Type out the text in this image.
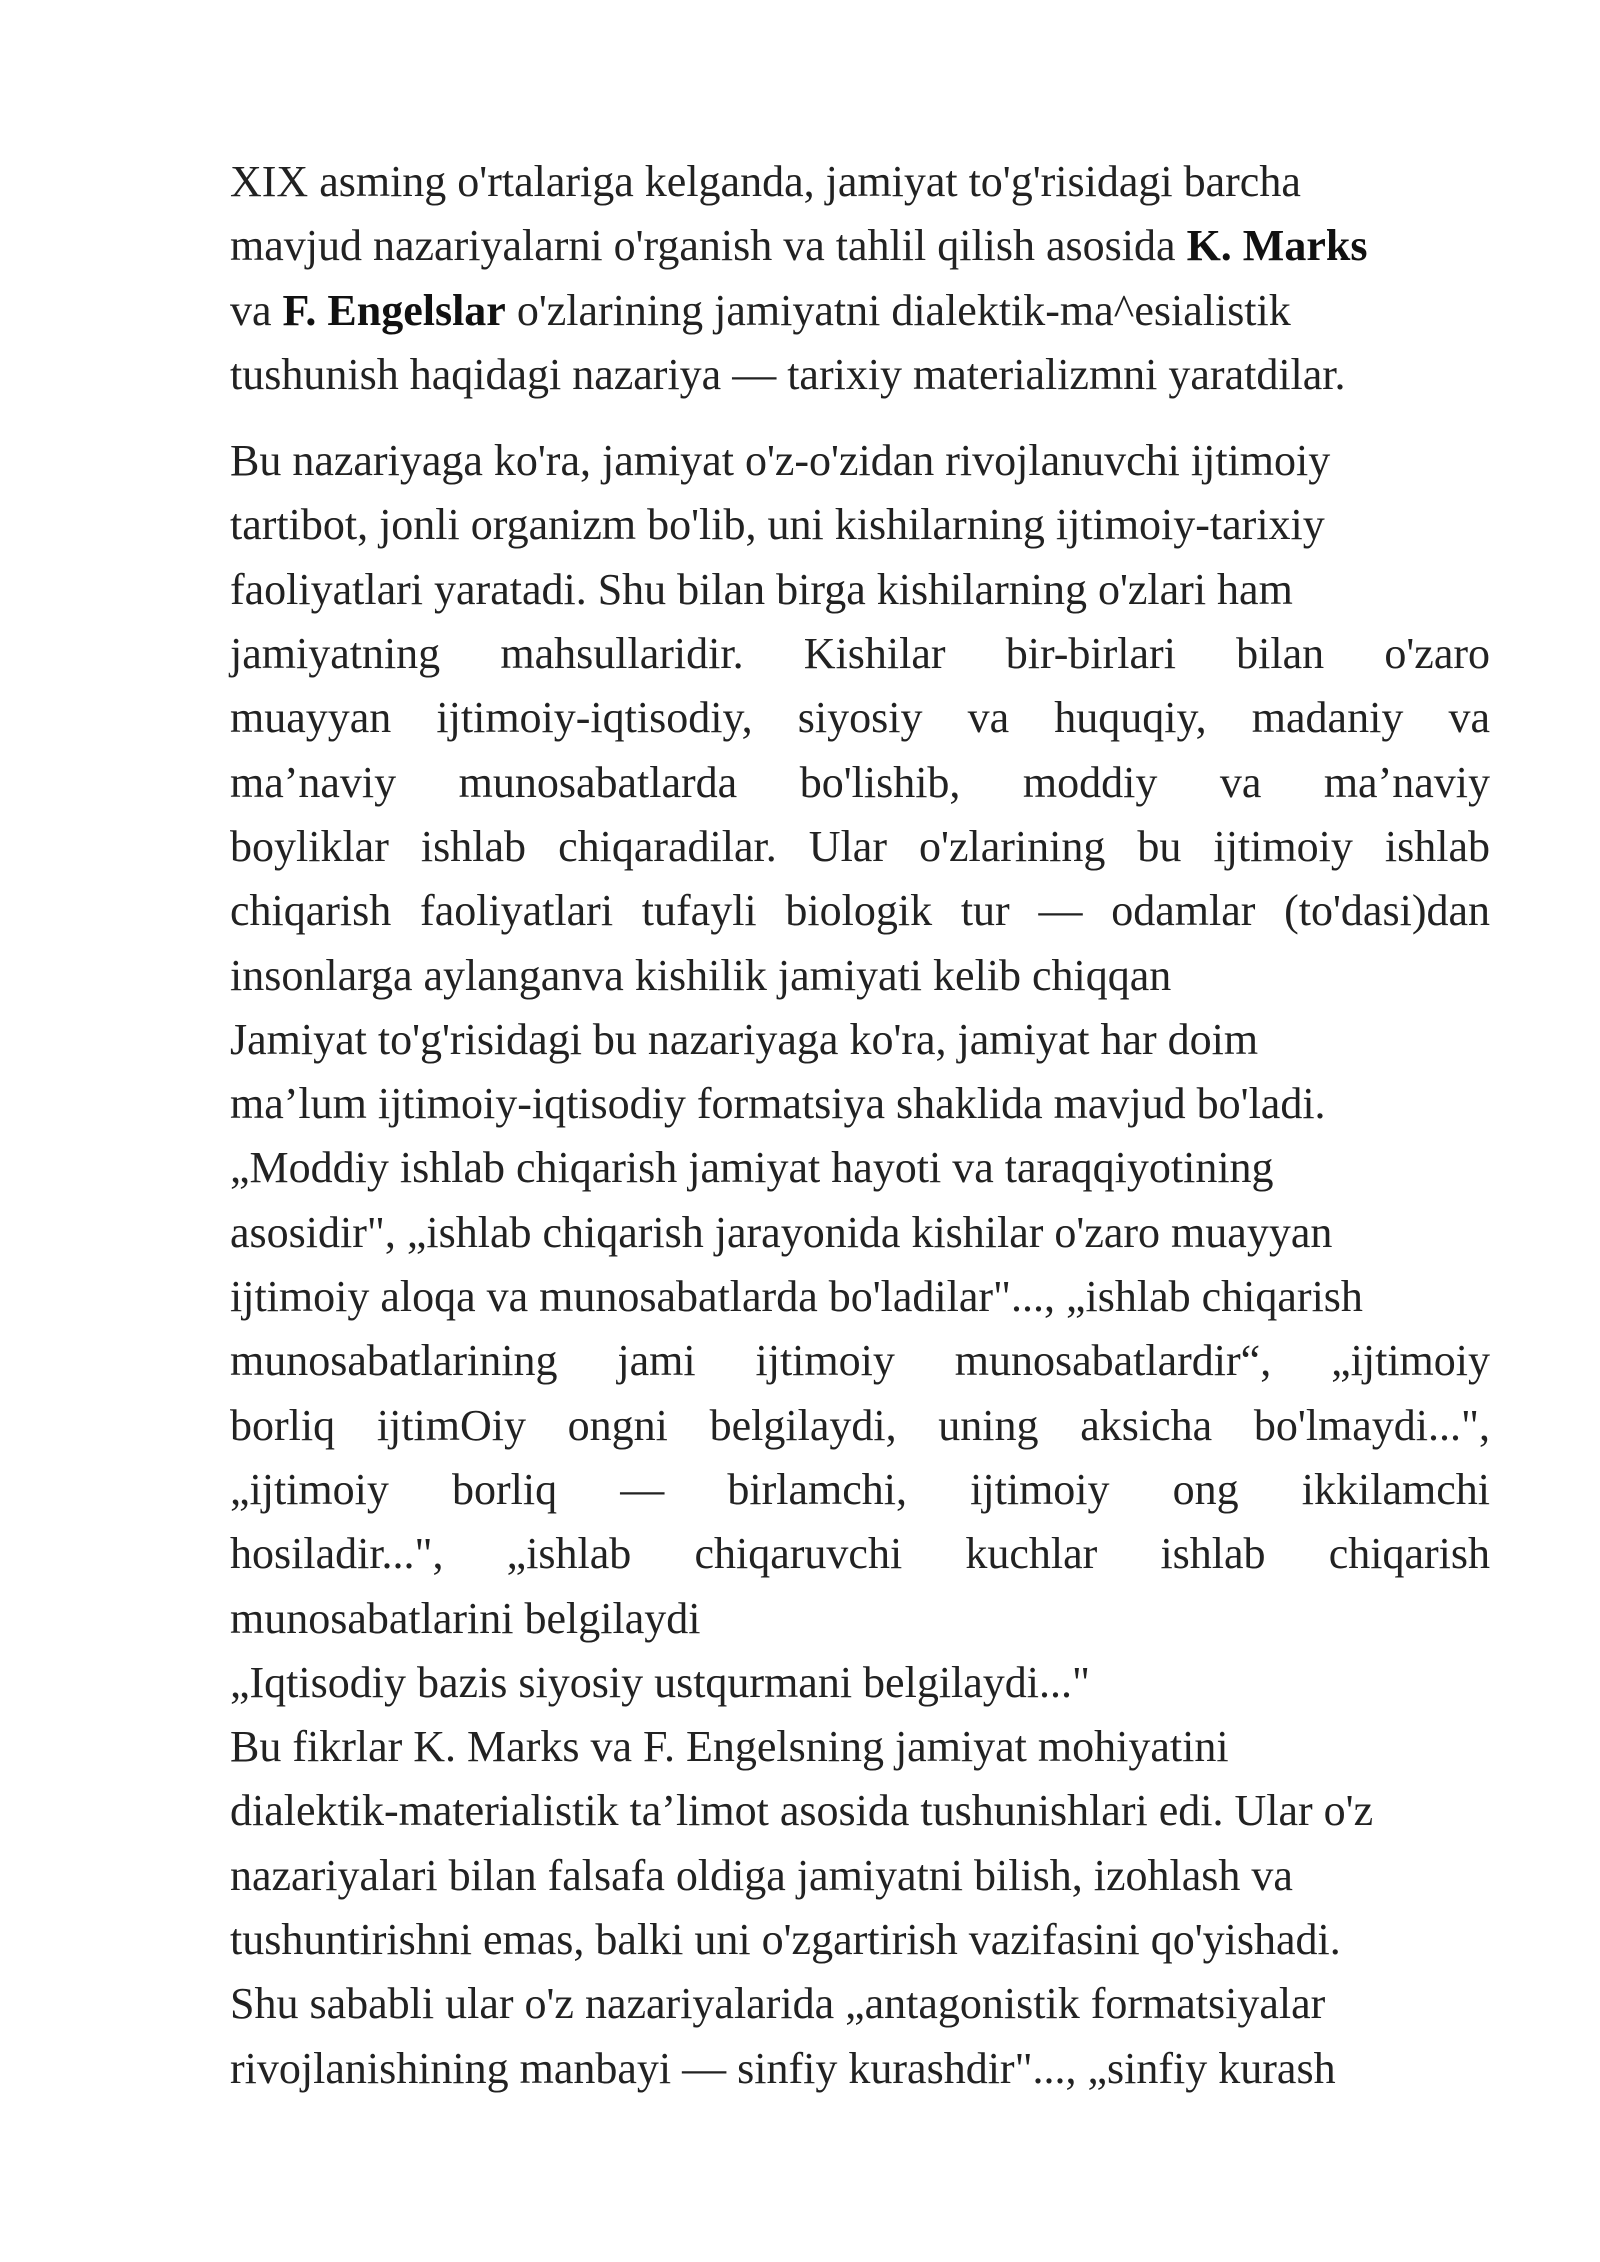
XIX asming o'rtalariga kelganda, jamiyat to'g'risidagi barcha
mavjud nazariyalarni o'rganish va tahlil qilish asosida K. Marks
va F. Engelslar o'zlarining jamiyatni dialektik-ma^esialistik
tushunish haqidagi nazariya — tarixiy materializmni yaratdilar.
Bu nazariyaga ko'ra, jamiyat o'z-o'zidan rivojlanuvchi ijtimoiy
tartibot, jonli organizm bo'lib, uni kishilarning ijtimoiy-tarixiy
faoliyatlari yaratadi. Shu bilan birga kishilarning o'zlari ham
jamiyatning mahsullaridir. Kishilar bir-birlari bilan o'zaro
muayyan ijtimoiy-iqtisodiy, siyosiy va huquqiy, madaniy va
ma’naviy munosabatlarda bo'lishib, moddiy va ma’naviy
boyliklar ishlab chiqaradilar. Ular o'zlarining bu ijtimoiy ishlab
chiqarish faoliyatlari tufayli biologik tur — odamlar (to'dasi)dan
insonlarga aylanganva kishilik jamiyati kelib chiqqan
Jamiyat to'g'risidagi bu nazariyaga ko'ra, jamiyat har doim
ma’lum ijtimoiy-iqtisodiy formatsiya shaklida mavjud bo'ladi.
„Moddiy ishlab chiqarish jamiyat hayoti va taraqqiyotining
asosidir", „ishlab chiqarish jarayonida kishilar o'zaro muayyan
ijtimoiy aloqa va munosabatlarda bo'ladilar"..., „ishlab chiqarish
munosabatlarining jami ijtimoiy munosabatlardir“, „ijtimoiy
borliq ijtimOiy ongni belgilaydi, uning aksicha bo'lmaydi...",
„ijtimoiy borliq — birlamchi, ijtimoiy ong ikkilamchi
hosiladir...", „ishlab chiqaruvchi kuchlar ishlab chiqarish
munosabatlarini belgilaydi
„Iqtisodiy bazis siyosiy ustqurmani belgilaydi..."
Bu fikrlar K. Marks va F. Engelsning jamiyat mohiyatini
dialektik-materialistik ta’limot asosida tushunishlari edi. Ular o'z
nazariyalari bilan falsafa oldiga jamiyatni bilish, izohlash va
tushuntirishni emas, balki uni o'zgartirish vazifasini qo'yishadi.
Shu sababli ular o'z nazariyalarida „antagonistik formatsiyalar
rivojlanishining manbayi — sinfiy kurashdir"..., „sinfiy kurash
